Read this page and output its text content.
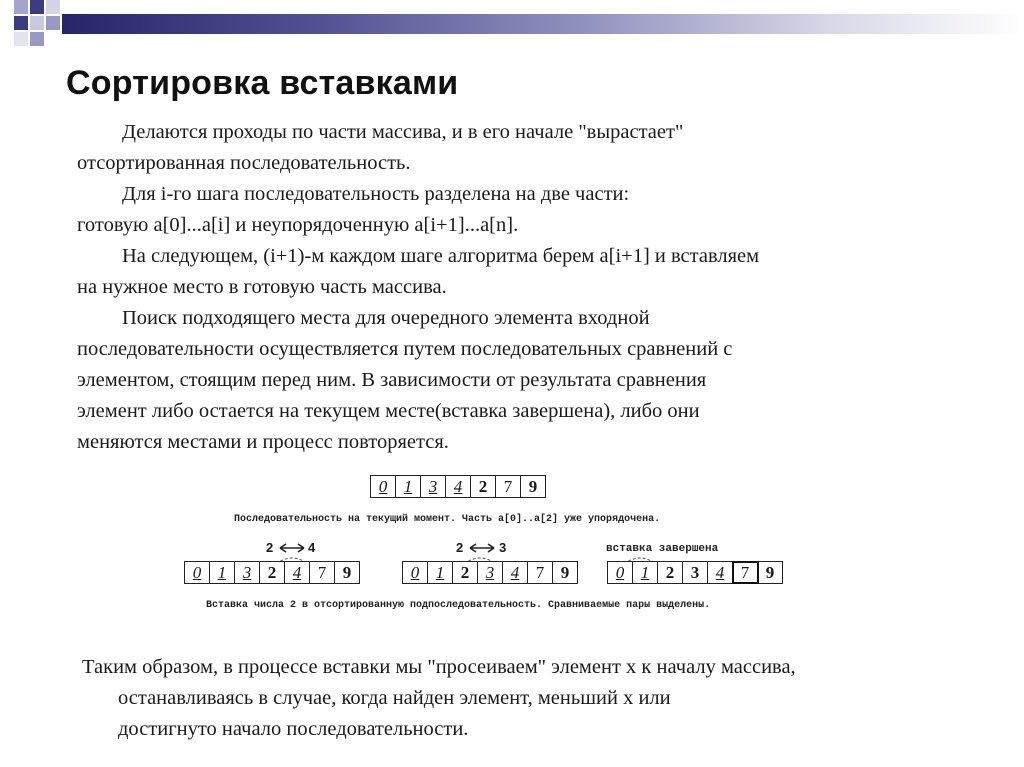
Сортировка вставками
Делаются проходы по части массива, и в его начале "вырастает"
отсортированная последовательность.
Для i-го шага последовательность разделена на две части:
готовую a[0]...a[i] и неупорядоченную a[i+1]...a[n].
На следующем, (i+1)-м каждом шаге алгоритма берем a[i+1] и вставляем
на нужное место в готовую часть массива.
Поиск подходящего места для очередного элемента входной
последовательности осуществляется путем последовательных сравнений с
элементом, стоящим перед ним. В зависимости от результата сравнения
элемент либо остается на текущем месте(вставка завершена), либо они
меняются местами и процесс повторяется.
0 1 3 4 2 7 9
Последовательность на текущий момент. Часть a[0]..a[2] уже упорядочена.
2	4
0 1 3 2 4 7 9
2	3
0 1 2 3 4 7 9
вставка завершена
0 1 2 3 4 7 9
Вставка числа 2 в отсортированную подпоследовательность. Сравниваемые пары выделены.
Таким образом, в процессе вставки мы "просеиваем" элемент x к началу массива,
останавливаясь в случае, когда найден элемент, меньший x или
достигнуто начало последовательности.
